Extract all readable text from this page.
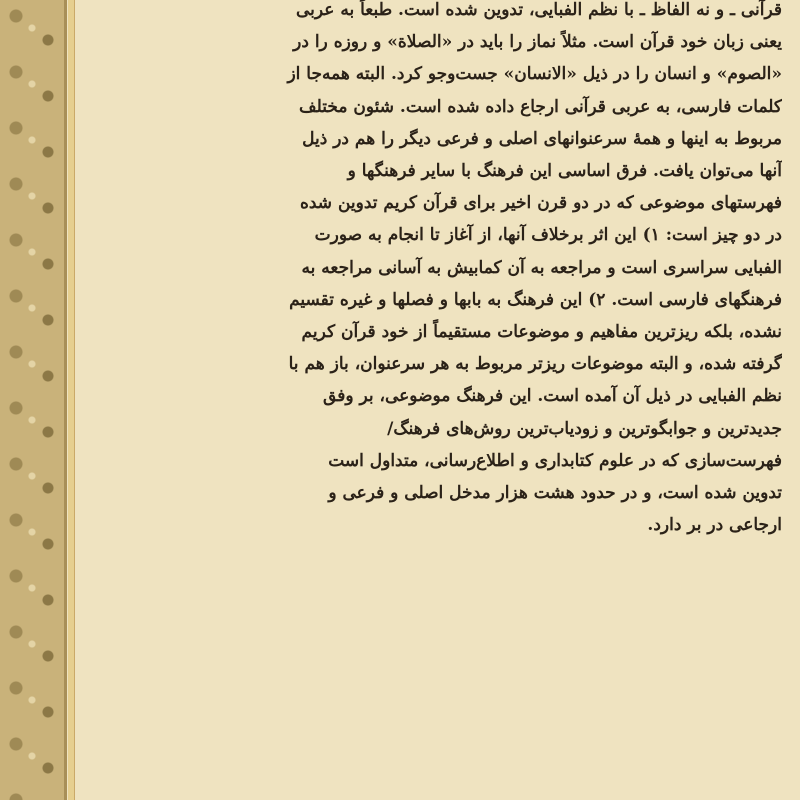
قرآنی ـ و نه الفاظ ـ با نظم الفبایی، تدوین شده است. طبعاً به عربی
یعنی زبان خود قرآن است. مثلاً نماز را باید در «الصلاة» و روزه را در
«الصوم» و انسان را در ذیل «الانسان» جست‌وجو کرد. البته همه‌جا از
کلمات فارسی، به عربی قرآنی ارجاع داده شده است. شئون مختلف
مربوط به اینها و همهٔ سرعنوانهای اصلی و فرعی دیگر را هم در ذیل
آنها می‌توان یافت. فرق اساسی این فرهنگ با سایر فرهنگها و
فهرستهای موضوعی که در دو قرن اخیر برای قرآن کریم تدوین شده
در دو چیز است: ۱) این اثر برخلاف آنها، از آغاز تا انجام به صورت
الفبایی سراسری است و مراجعه به آن کمابیش به آسانی مراجعه به
فرهنگهای فارسی است. ۲) این فرهنگ به بابها و فصلها و غیره تقسیم
نشده، بلکه ریزترین مفاهیم و موضوعات مستقیماً از خود قرآن کریم
گرفته شده، و البته موضوعات ریزتر مربوط به هر سرعنوان، باز هم با
نظم الفبایی در ذیل آن آمده است. این فرهنگ موضوعی، بر وفق
جدیدترین و جوابگوترین و زودیاب‌ترین روش‌های فرهنگ/
فهرست‌سازی که در علوم کتابداری و اطلاع‌رسانی، متداول است
تدوین شده است، و در حدود هشت هزار مدخل اصلی و فرعی و
ارجاعی در بر دارد.
